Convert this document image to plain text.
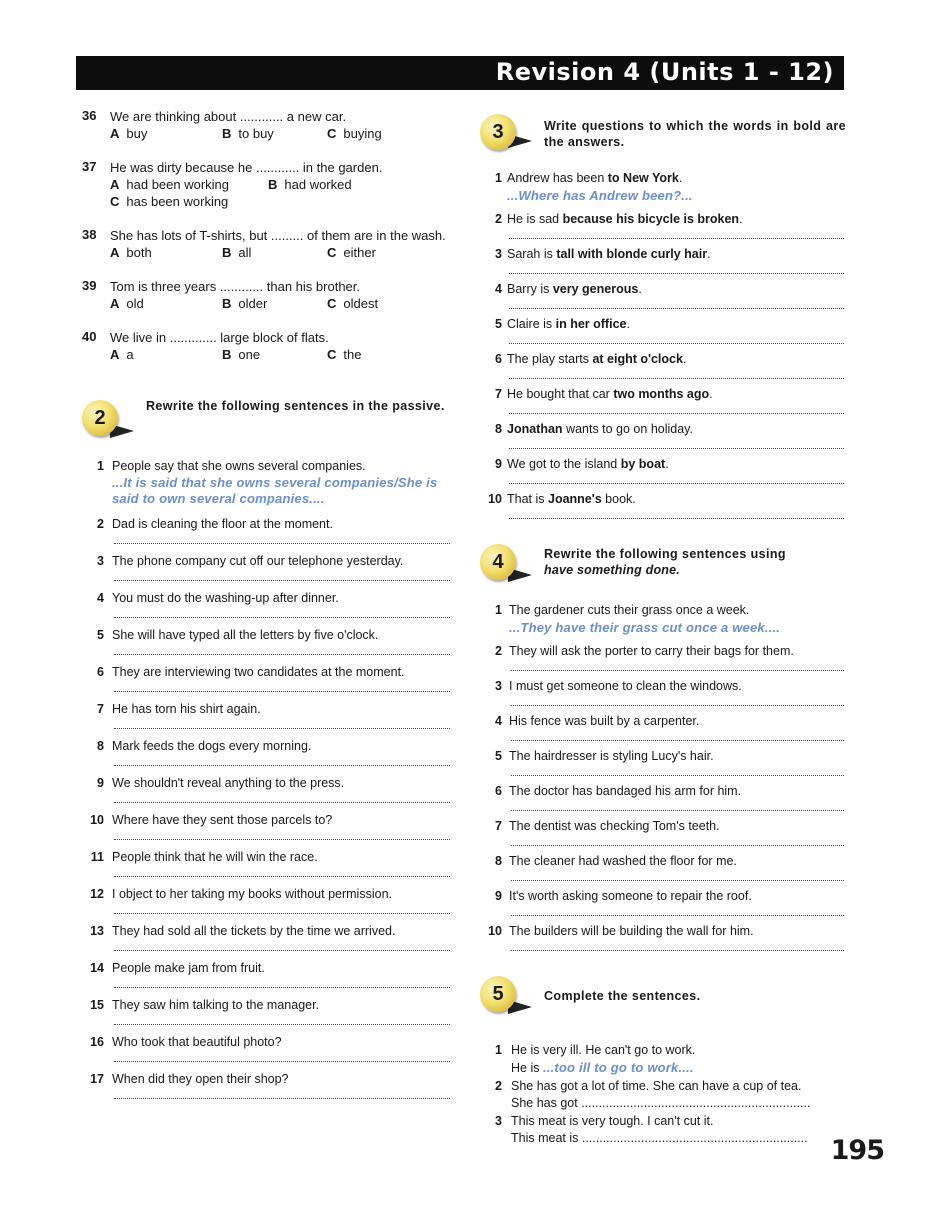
Revision 4 (Units 1 - 12)
36 We are thinking about ............ a new car.
A buy	B to buy	C buying
37 He was dirty because he ............ in the garden.
A had been working	B had worked
C has been working
38 She has lots of T-shirts, but ......... of them are in the wash.
A both	B all	C either
39 Tom is three years ............ than his brother.
A old	B older	C oldest
40 We live in ............. large block of flats.
A a	B one	C the
2
Rewrite the following sentences in the passive.
1 People say that she owns several companies.
...It is said that she owns several companies/She is said to own several companies....
2 Dad is cleaning the floor at the moment.
3 The phone company cut off our telephone yesterday.
4 You must do the washing-up after dinner.
5 She will have typed all the letters by five o'clock.
6 They are interviewing two candidates at the moment.
7 He has torn his shirt again.
8 Mark feeds the dogs every morning.
9 We shouldn't reveal anything to the press.
10 Where have they sent those parcels to?
11 People think that he will win the race.
12 I object to her taking my books without permission.
13 They had sold all the tickets by the time we arrived.
14 People make jam from fruit.
15 They saw him talking to the manager.
16 Who took that beautiful photo?
17 When did they open their shop?
3	Write questions to which the words in bold are the answers.
1 Andrew has been to New York.
...Where has Andrew been?...
2 He is sad because his bicycle is broken.
3 Sarah is tall with blonde curly hair.
4 Barry is very generous.
5 Claire is in her office.
6 The play starts at eight o'clock.
7 He bought that car two months ago.
8 Jonathan wants to go on holiday.
9 We got to the island by boat.
10 That is Joanne's book.
4	Rewrite the following sentences using
have something done.
1 The gardener cuts their grass once a week.
...They have their grass cut once a week....
2 They will ask the porter to carry their bags for them.
3 I must get someone to clean the windows.
4 His fence was built by a carpenter.
5 The hairdresser is styling Lucy's hair.
6 The doctor has bandaged his arm for him.
7 The dentist was checking Tom's teeth.
8 The cleaner had washed the floor for me.
9 It's worth asking someone to repair the roof.
10 The builders will be building the wall for him.
5	Complete the sentences.
1 He is very ill. He can't go to work.
He is ...too ill to go to work....
2 She has got a lot of time. She can have a cup of tea.
She has got ..................................................................
3 This meat is very tough. I can't cut it.
This meat is ................................................................. 195
